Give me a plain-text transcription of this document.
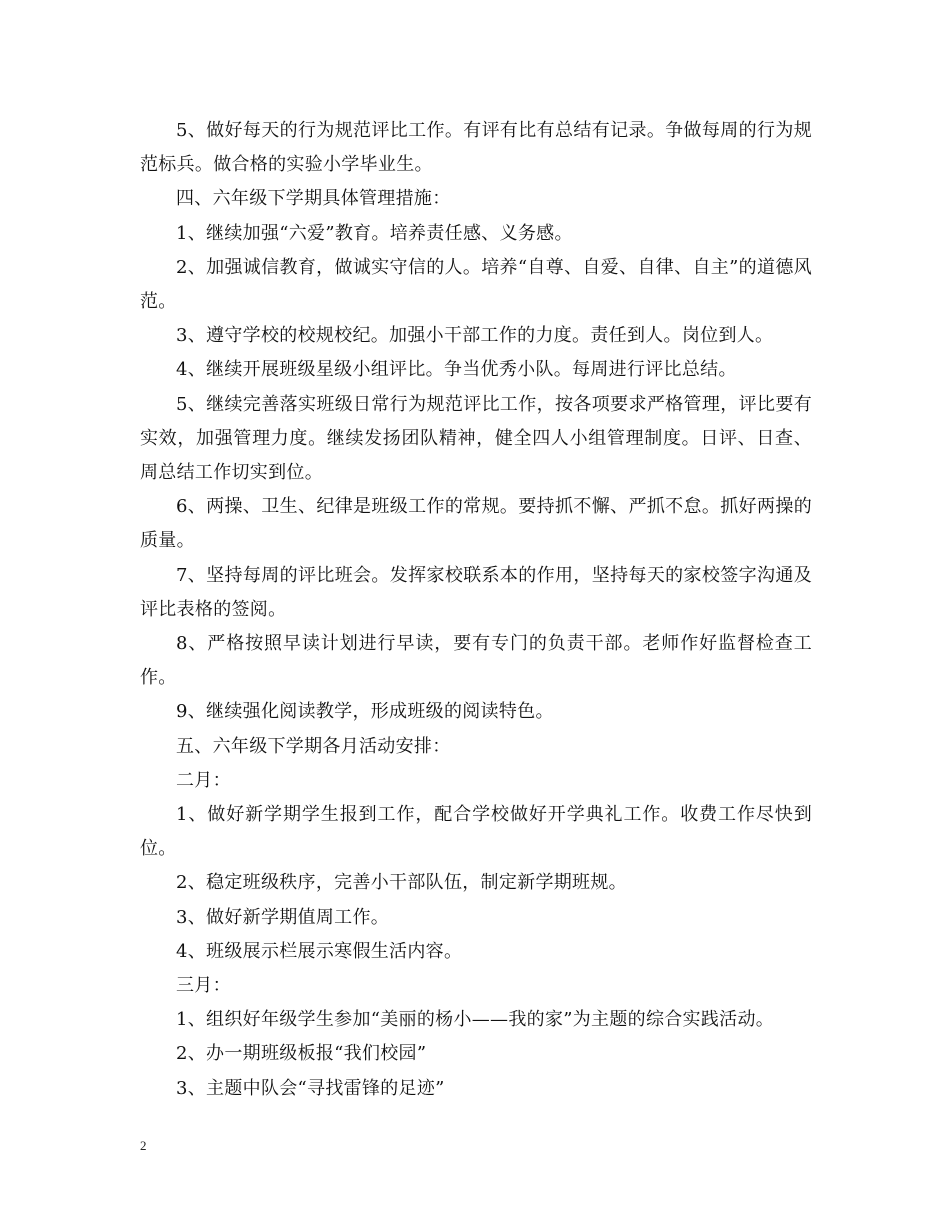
5、做好每天的行为规范评比工作。有评有比有总结有记录。争做每周的行为规范标兵。做合格的实验小学毕业生。

四、六年级下学期具体管理措施：

1、继续加强“六爱”教育。培养责任感、义务感。

2、加强诚信教育，做诚实守信的人。培养“自尊、自爱、自律、自主”的道德风范。

3、遵守学校的校规校纪。加强小干部工作的力度。责任到人。岗位到人。

4、继续开展班级星级小组评比。争当优秀小队。每周进行评比总结。

5、继续完善落实班级日常行为规范评比工作，按各项要求严格管理，评比要有实效，加强管理力度。继续发扬团队精神，健全四人小组管理制度。日评、日查、周总结工作切实到位。

6、两操、卫生、纪律是班级工作的常规。要持抓不懈、严抓不怠。抓好两操的质量。

7、坚持每周的评比班会。发挥家校联系本的作用，坚持每天的家校签字沟通及评比表格的签阅。

8、严格按照早读计划进行早读，要有专门的负责干部。老师作好监督检查工作。

9、继续强化阅读教学，形成班级的阅读特色。

五、六年级下学期各月活动安排：

二月：

1、做好新学期学生报到工作，配合学校做好开学典礼工作。收费工作尽快到位。

2、稳定班级秩序，完善小干部队伍，制定新学期班规。

3、做好新学期值周工作。

4、班级展示栏展示寒假生活内容。

三月：

1、组织好年级学生参加“美丽的杨小——我的家”为主题的综合实践活动。

2、办一期班级板报“我们校园”

3、主题中队会“寻找雷锋的足迹”

2
